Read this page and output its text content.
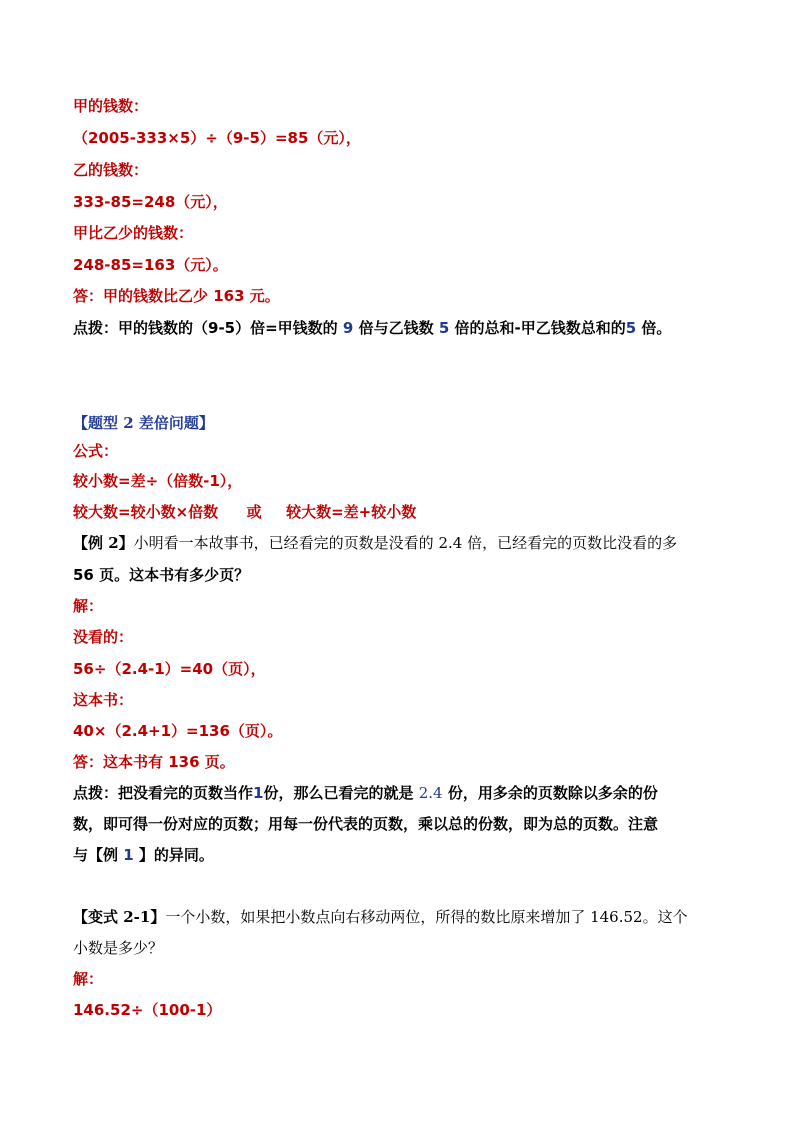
甲的钱数：
（2005-333×5）÷（9-5）=85（元），
乙的钱数：
333-85=248（元），
甲比乙少的钱数：
248-85=163（元）。
答：甲的钱数比乙少 163 元。
点拨：甲的钱数的（9-5）倍=甲钱数的 9 倍与乙钱数 5 倍的总和-甲乙钱数总和的5 倍。
【题型 2 差倍问题】
公式：
较小数=差÷（倍数-1），
较大数=较小数×倍数 或 较大数=差+较小数
【例 2】小明看一本故事书，已经看完的页数是没看的 2.4 倍，已经看完的页数比没看的多
56 页。这本书有多少页？
解：
没看的：
56÷（2.4-1）=40（页），
这本书：
40×（2.4+1）=136（页）。
答：这本书有 136 页。
点拨：把没看完的页数当作1份，那么已看完的就是 2.4 份，用多余的页数除以多余的份
数，即可得一份对应的页数；用每一份代表的页数，乘以总的份数，即为总的页数。注意
与【例 1 】的异同。
【变式 2-1】一个小数，如果把小数点向右移动两位，所得的数比原来增加了 146.52。这个
小数是多少？
解：
146.52÷（100-1）
